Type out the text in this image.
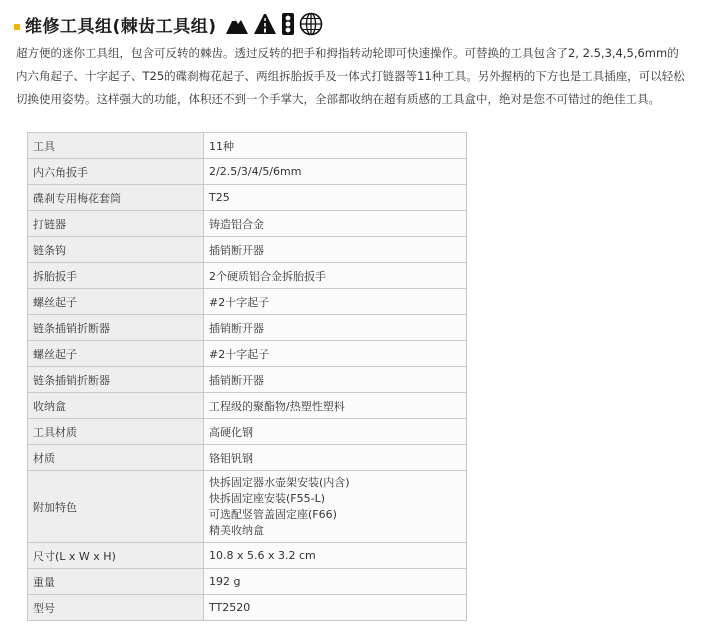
维修工具组(棘齿工具组)

超方便的迷你工具组，包含可反转的棘齿。透过反转的把手和拇指转动轮即可快速操作。可替换的工具包含了2, 2.5,3,4,5,6mm的内六角起子、十字起子、T25的碟刹梅花起子、两组拆胎扳手及一体式打链器等11种工具。另外握柄的下方也是工具插座，可以轻松切换使用姿势。这样强大的功能，体积还不到一个手掌大，全部都收纳在超有质感的工具盒中，绝对是您不可错过的绝佳工具。

工具	11种
内六角扳手	2/2.5/3/4/5/6mm
碟刹专用梅花套筒	T25
打链器	铸造铝合金
链条钩	插销断开器
拆胎扳手	2个硬质铝合金拆胎扳手
螺丝起子	#2十字起子
链条插销折断器	插销断开器
螺丝起子	#2十字起子
链条插销折断器	插销断开器
收纳盒	工程级的聚酯物/热塑性塑料
工具材质	高硬化钢
材质	铬钼钒钢
附加特色	快拆固定器水壶架安装(内含)
快拆固定座安装(F55-L)
可选配竖管盖固定座(F66)
精美收纳盒

尺寸(L x W x H)	10.8 x 5.6 x 3.2 cm
重量	192 g
型号	TT2520
